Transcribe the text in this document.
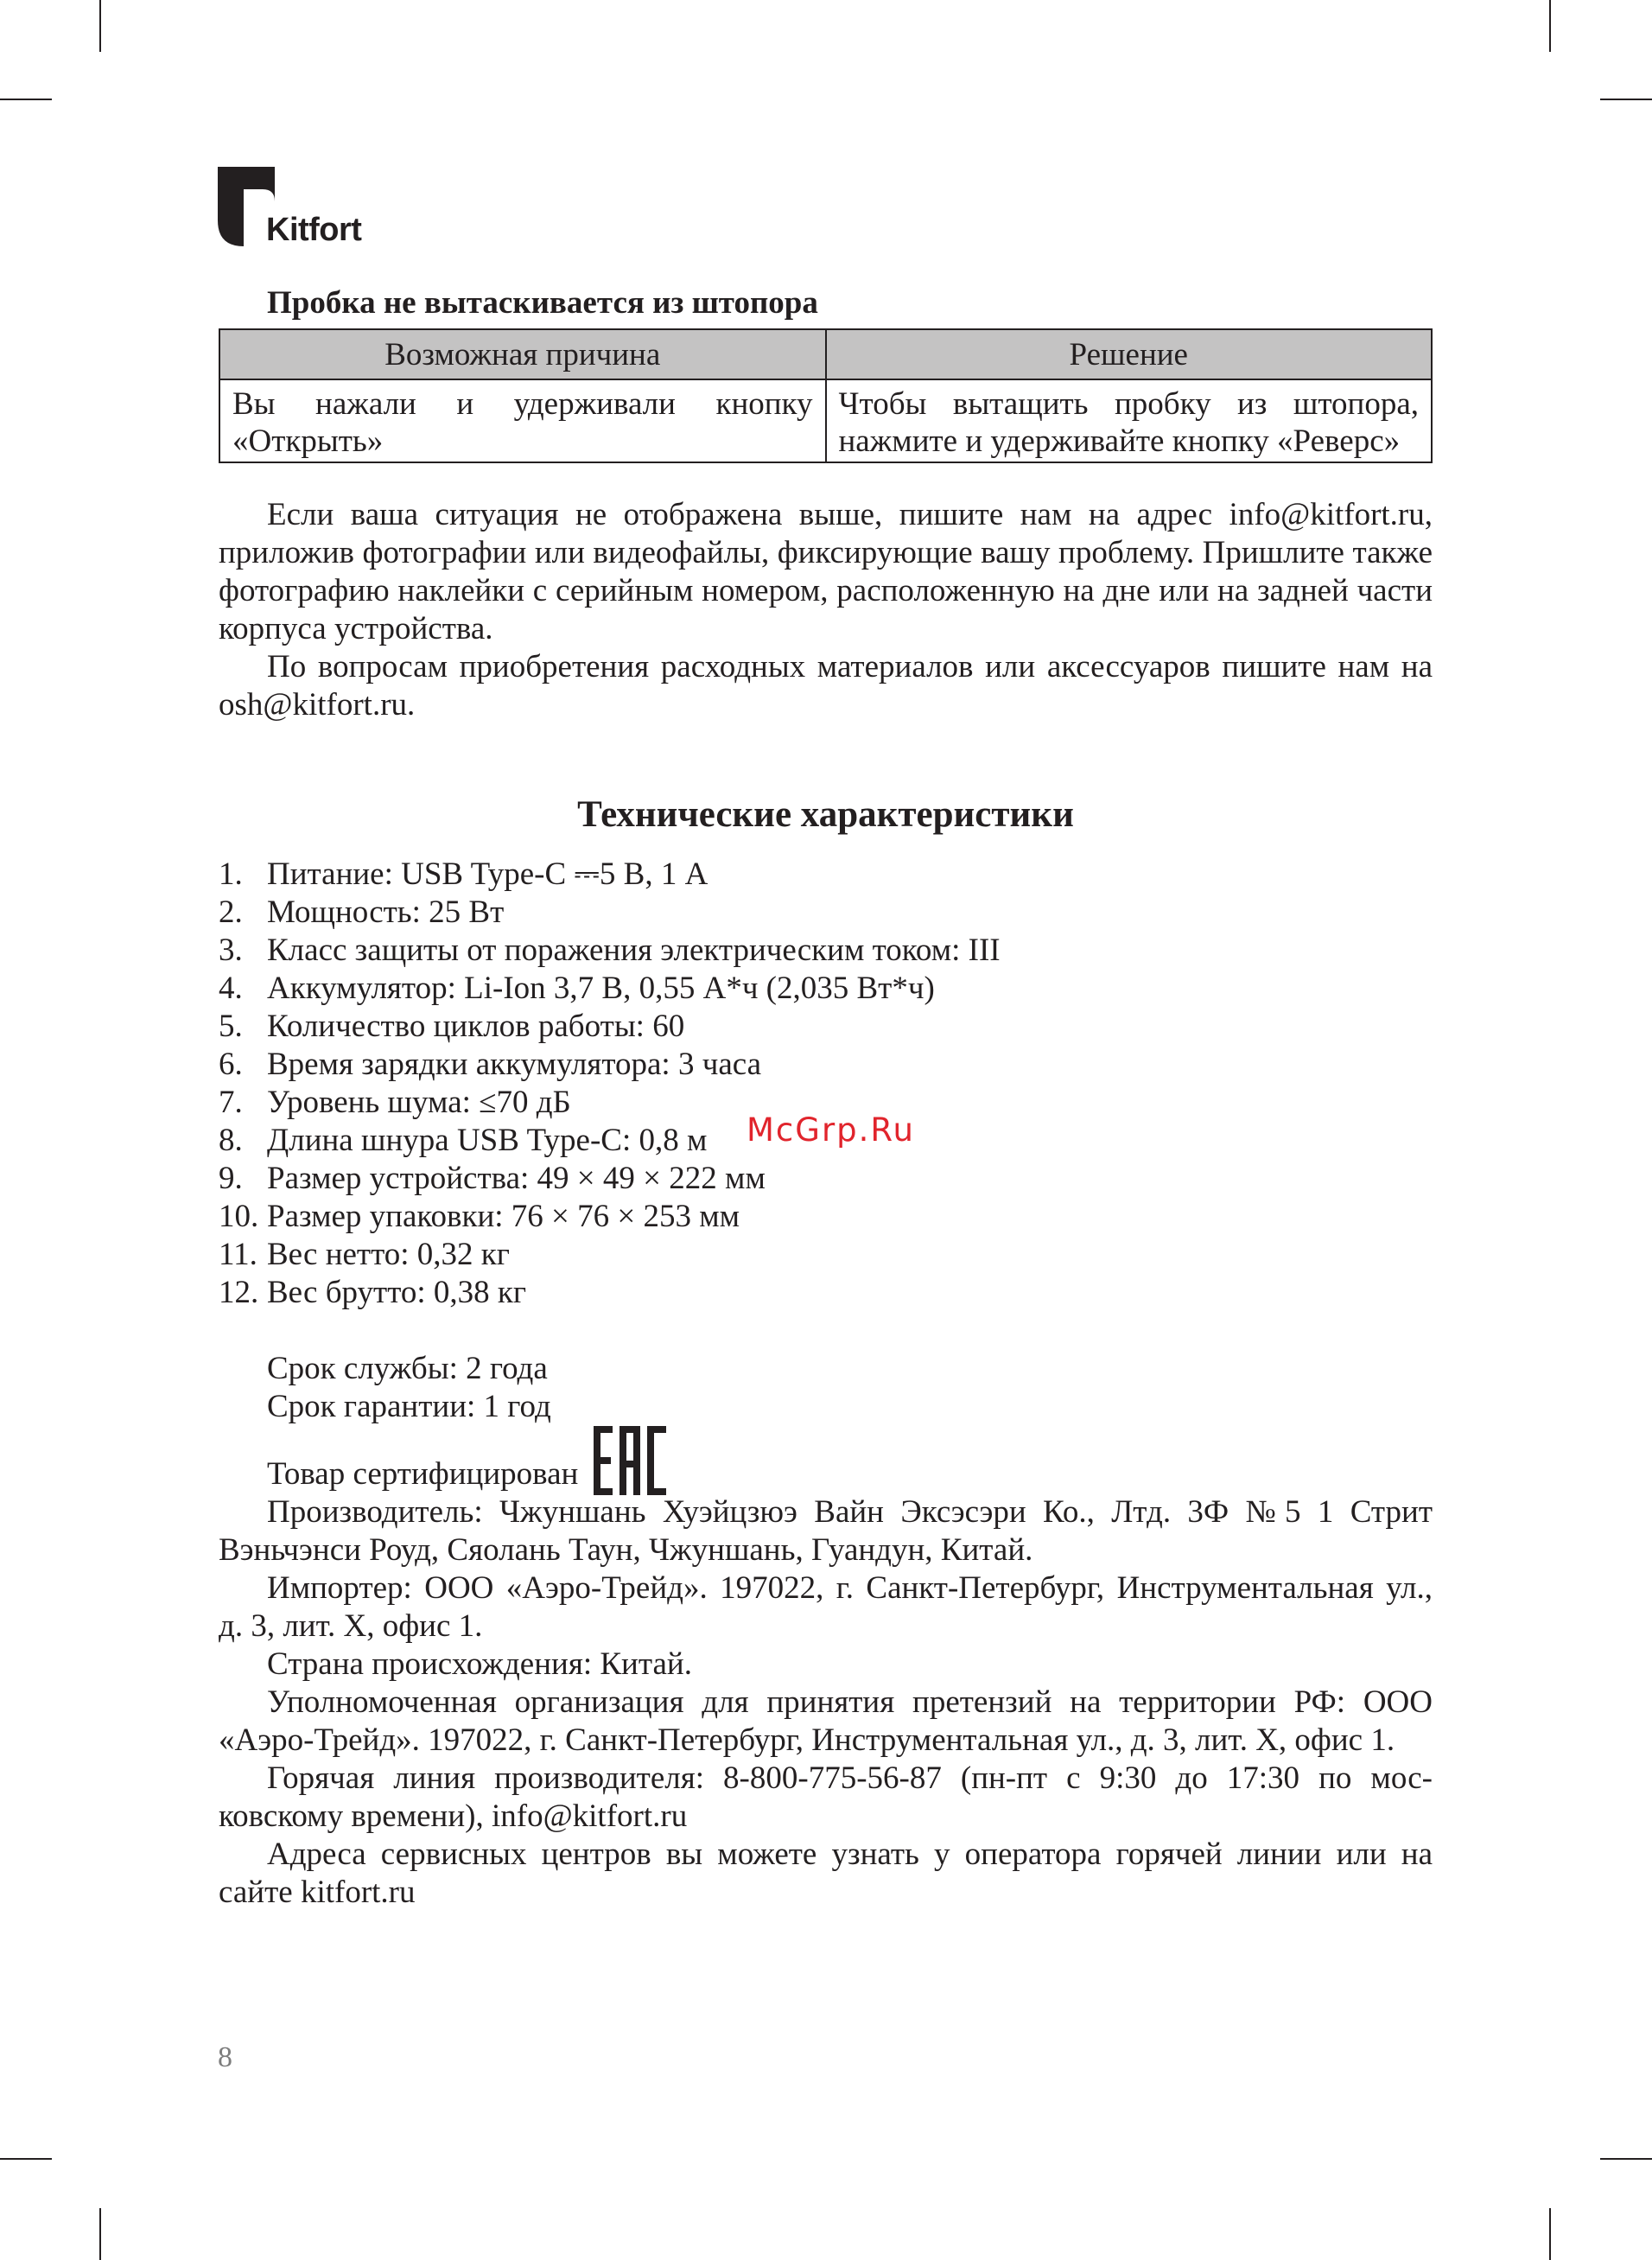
Kitfort
Пробка не вытаскивается из штопора
Возможная причина	Решение
Вы нажали и удерживали кнопку «Открыть»	Чтобы вытащить пробку из штопора, нажмите и удерживайте кнопку «Реверс»

Если ваша ситуация не отображена выше, пишите нам на адрес info@kitfort.ru, приложив фотографии или видеофайлы, фиксирующие вашу проблему. Пришлите также фотографию наклейки с серийным номером, расположенную на дне или на задней части корпуса устройства.

По вопросам приобретения расходных материалов или аксессуаров пишите нам на osh@kitfort.ru.

Технические характеристики
1. Питание: USB Type-C ⎓5 В, 1 А
2. Мощность: 25 Вт
3. Класс защиты от поражения электрическим током: III
4. Аккумулятор: Li-Ion 3,7 В, 0,55 А*ч (2,035 Вт*ч)
5. Количество циклов работы: 60
6. Время зарядки аккумулятора: 3 часа
7. Уровень шума: ≤70 дБ
8. Длина шнура USB Type-C: 0,8 м
9. Размер устройства: 49 × 49 × 222 мм
10. Размер упаковки: 76 × 76 × 253 мм
11. Вес нетто: 0,32 кг
12. Вес брутто: 0,38 кг
Срок службы: 2 года
Срок гарантии: 1 год
Товар сертифицирован

Производитель: Чжуншань Хуэйцзюэ Вайн Эксэсэри Ко., Лтд. 3Ф №5 1 Стрит Вэньчэнси Роуд, Сяолань Таун, Чжуншань, Гуандун, Китай.

Импортер: ООО «Аэро-Трейд». 197022, г. Санкт-Петербург, Инструментальная ул., д. 3, лит. Х, офис 1.

Страна происхождения: Китай.

Уполномоченная организация для принятия претензий на территории РФ: ООО «Аэро-Трейд». 197022, г. Санкт-Петербург, Инструментальная ул., д. 3, лит. Х, офис 1.

Горячая линия производителя: 8-800-775-56-87 (пн-пт с 9:30 до 17:30 по московскому времени), info@kitfort.ru

Адреса сервисных центров вы можете узнать у оператора горячей линии или на сайте kitfort.ru

McGrp.Ru
8
